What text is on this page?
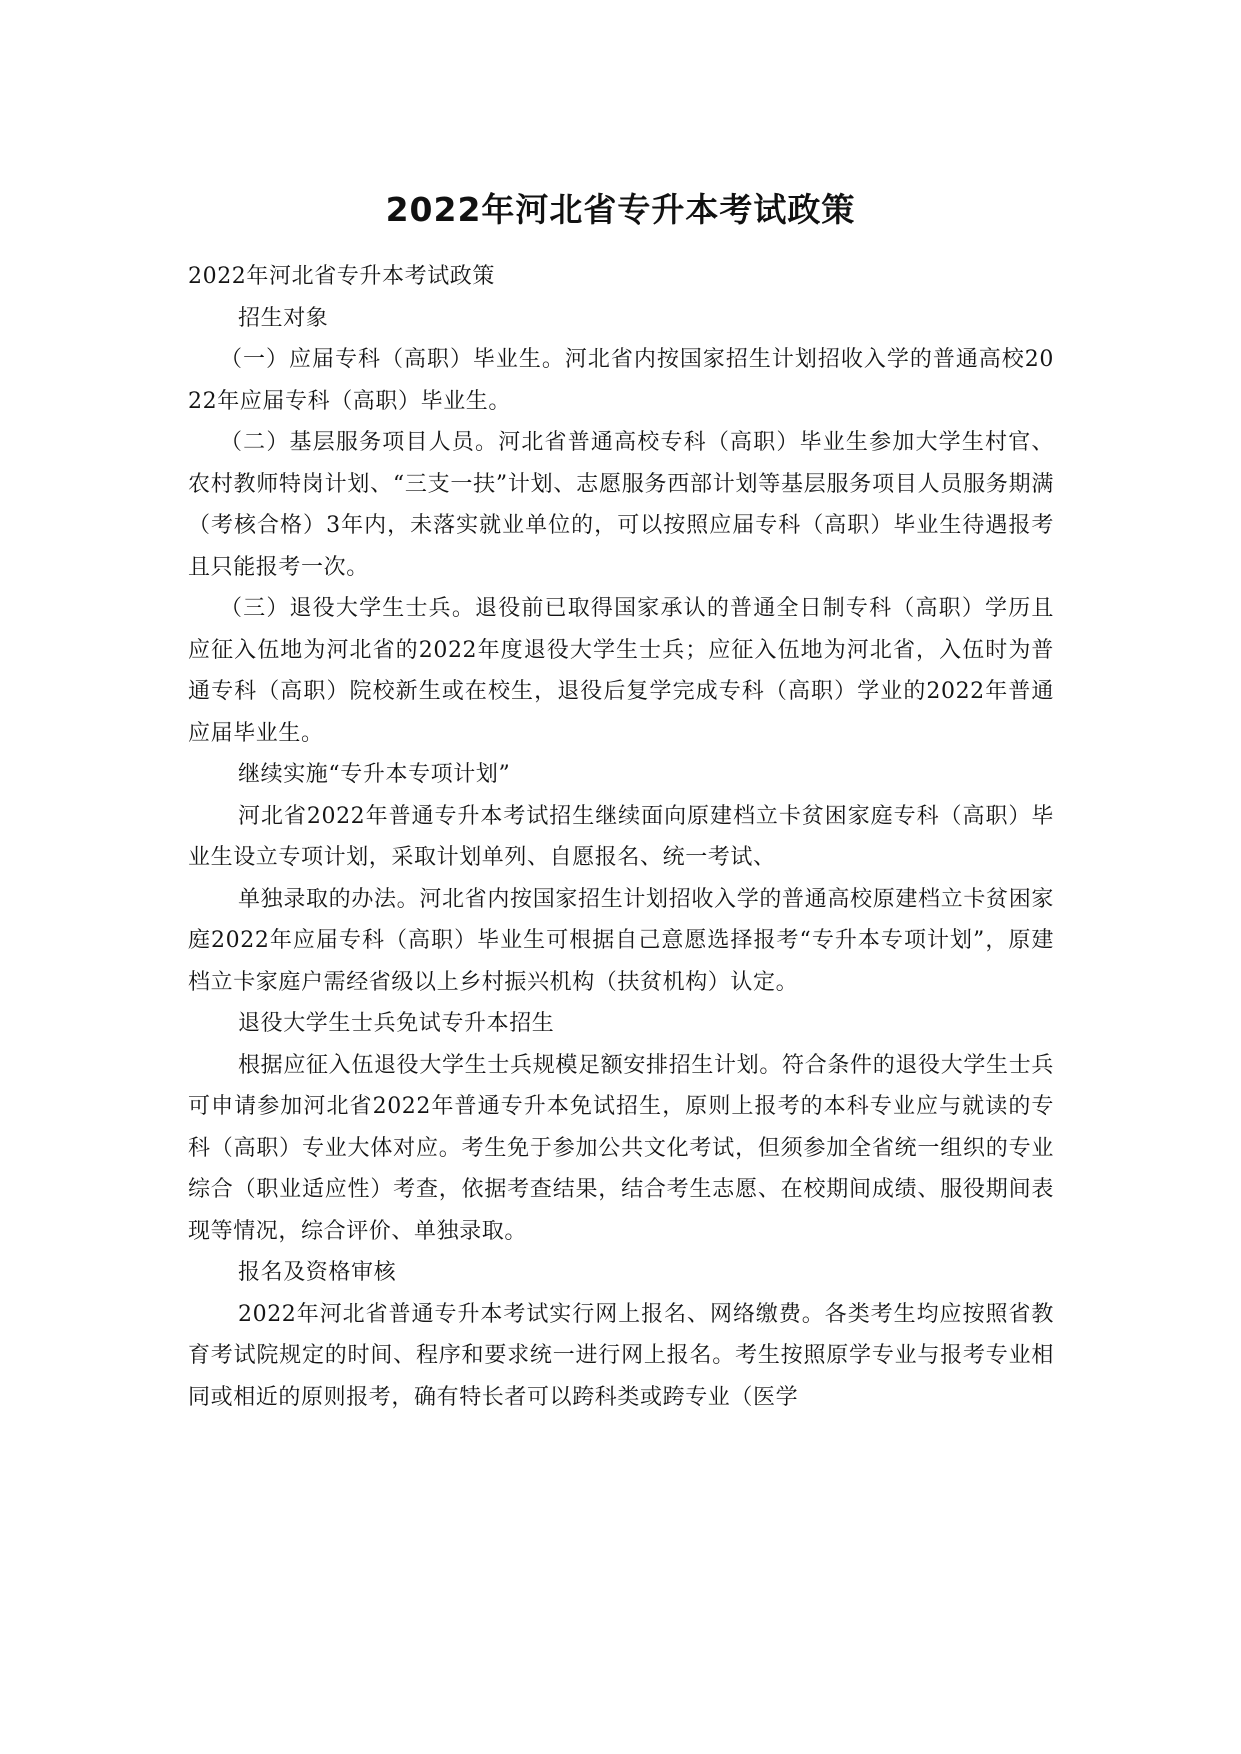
2022年河北省专升本考试政策

2022年河北省专升本考试政策

招生对象

（一）应届专科（高职）毕业生。河北省内按国家招生计划招收入学的普通高校2022年应届专科（高职）毕业生。

（二）基层服务项目人员。河北省普通高校专科（高职）毕业生参加大学生村官、农村教师特岗计划、“三支一扶”计划、志愿服务西部计划等基层服务项目人员服务期满（考核合格）3年内，未落实就业单位的，可以按照应届专科（高职）毕业生待遇报考且只能报考一次。

（三）退役大学生士兵。退役前已取得国家承认的普通全日制专科（高职）学历且应征入伍地为河北省的2022年度退役大学生士兵；应征入伍地为河北省，入伍时为普通专科（高职）院校新生或在校生，退役后复学完成专科（高职）学业的2022年普通应届毕业生。

继续实施“专升本专项计划”

河北省2022年普通专升本考试招生继续面向原建档立卡贫困家庭专科（高职）毕业生设立专项计划，采取计划单列、自愿报名、统一考试、

单独录取的办法。河北省内按国家招生计划招收入学的普通高校原建档立卡贫困家庭2022年应届专科（高职）毕业生可根据自己意愿选择报考“专升本专项计划”，原建档立卡家庭户需经省级以上乡村振兴机构（扶贫机构）认定。

退役大学生士兵免试专升本招生

根据应征入伍退役大学生士兵规模足额安排招生计划。符合条件的退役大学生士兵可申请参加河北省2022年普通专升本免试招生，原则上报考的本科专业应与就读的专科（高职）专业大体对应。考生免于参加公共文化考试，但须参加全省统一组织的专业综合（职业适应性）考查，依据考查结果，结合考生志愿、在校期间成绩、服役期间表现等情况，综合评价、单独录取。

报名及资格审核

2022年河北省普通专升本考试实行网上报名、网络缴费。各类考生均应按照省教育考试院规定的时间、程序和要求统一进行网上报名。考生按照原学专业与报考专业相同或相近的原则报考，确有特长者可以跨科类或跨专业（医学
